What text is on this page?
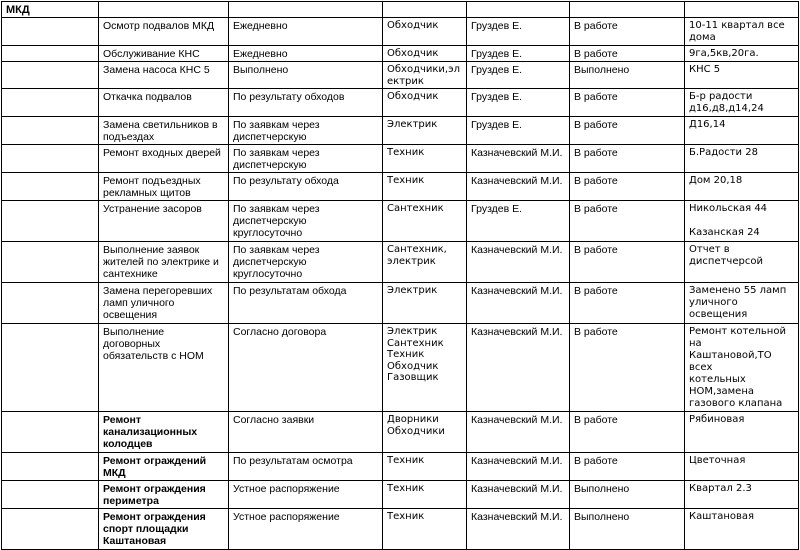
МКД						
	Осмотр подвалов МКД	Ежедневно	Обходчик	Груздев Е.	В работе	10-11 квартал все
дома

	Обслуживание КНС	Ежедневно	Обходчик	Груздев Е.	В работе	9га,5кв,20га.

	Замена насоса КНС 5	Выполнено	Обходчики,электрик	Груздев Е.	Выполнено	КНС 5

	Откачка подвалов	По результату обходов	Обходчик	Груздев Е.	В работе	Б-р радости
д16,д8,д14,24

	Замена светильников в подъездах	По заявкам через диспетчерскую	Электрик	Груздев Е.	В работе	Д16,14

	Ремонт входных дверей	По заявкам через диспетчерскую	Техник	Казначевский М.И.	В работе	Б.Радости 28

	Ремонт подъездных рекламных щитов	По результату обхода	Техник	Казначевский М.И.	В работе	Дом 20,18

	Устранение засоров	По заявкам через диспетчерскую круглосуточно	Сантехник	Груздев Е.	В работе	Никольская 44
Казанская 24

	Выполнение заявок жителей по электрике и сантехнике	По заявкам через диспетчерскую круглосуточно	Сантехник, электрик	Казначевский М.И.	В работе	Отчет в диспетчерсой

	Замена перегоревших ламп уличного освещения	По результатам обхода	Электрик	Казначевский М.И.	В работе	Заменено 55 ламп
уличного освещения

	Выполнение договорных обязательств с НОМ	Согласно договора	Электрик Сантехник Техник Обходчик Газовщик	Казначевский М.И.	В работе	Ремонт котельной на
Каштановой,ТО всех
котельных
НОМ,замена
газового клапана

	Ремонт канализационных колодцев	Согласно заявки	Дворники Обходчики	Казначевский М.И.	В работе	Рябиновая

	Ремонт ограждений МКД	По результатам осмотра	Техник	Казначевский М.И.	В работе	Цветочная

	Ремонт ограждения периметра	Устное распоряжение	Техник	Казначевский М.И.	Выполнено	Квартал 2.3

	Ремонт ограждения спорт площадки Каштановая	Устное распоряжение	Техник	Казначевский М.И.	Выполнено	Каштановая
